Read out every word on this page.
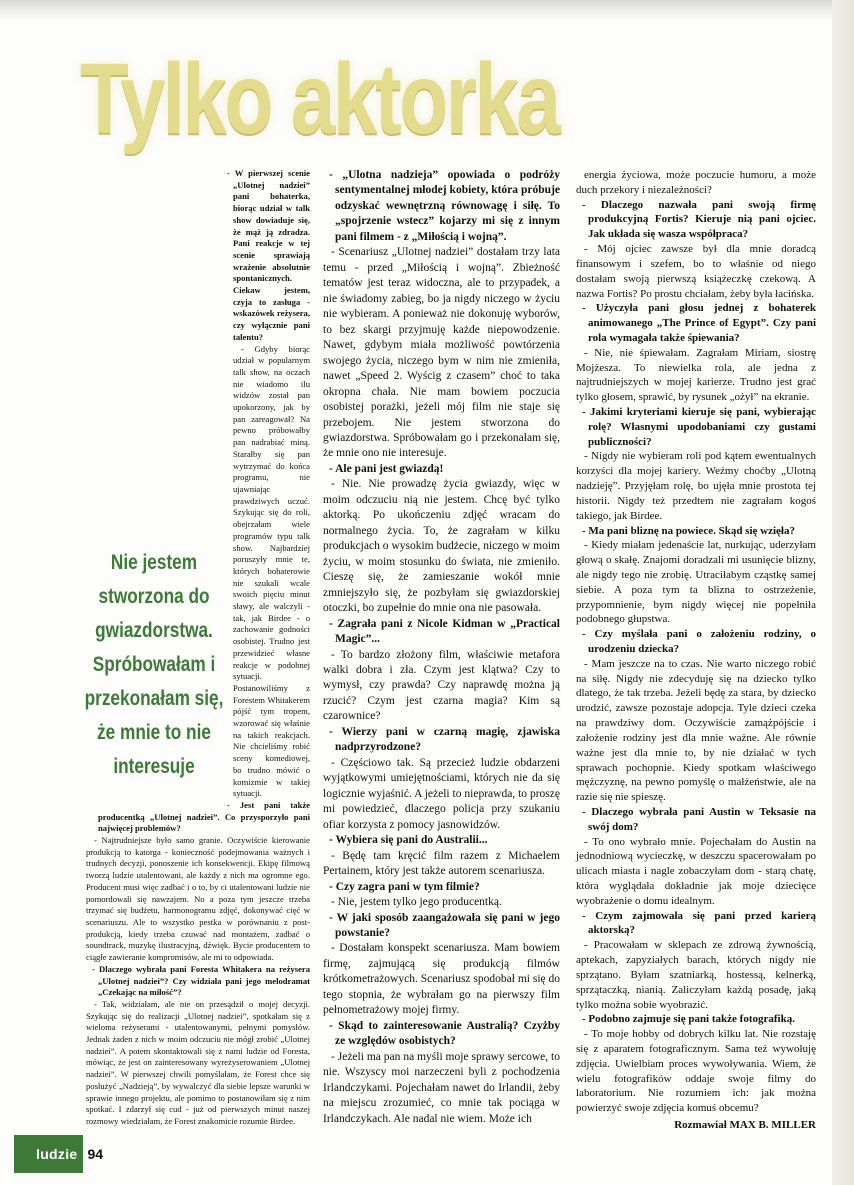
Tylko aktorka
Nie jestem stworzona do gwiazdorstwa. Spróbowałam i przekonałam się, że mnie to nie interesuje

- W pierwszej scenie „Ulotnej nadziei” pani bohaterka, biorąc udział w talk show dowiaduje się, że mąż ją zdradza. Pani reakcje w tej scenie sprawiają wrażenie absolutnie spontanicznych. Ciekaw jestem, czyja to zasługa - wskazówek reżysera, czy wyłącznie pani talentu?

- Gdyby biorąc udział w popularnym talk show, na oczach nie wiadomo ilu widzów został pan upokorzony, jak by pan zareagował? Na pewno próbowałby pan nadrabiać miną. Starałby się pan wytrzymać do końca programu, nie ujawniając prawdziwych uczuć. Szykując się do roli, obejrzałam wiele programów typu talk show. Najbardziej poruszyły mnie te, których bohaterowie nie szukali wcale swoich pięciu minut sławy, ale walczyli - tak, jak Birdee - o zachowanie godności osobistej. Trudno jest przewidzieć własne reakcje w podobnej sytuacji. Postanowiliśmy z Forestem Whitakerem pójść tym tropem, wzorować się właśnie na takich reakcjach. Nie chcieliśmy robić sceny komediowej, bo trudno mówić o komizmie w takiej sytuacji.

- Jest pani także producentką „Ulotnej nadziei”. Co przysporzyło pani najwięcej problemów?

- Najtrudniejsze było samo granie. Oczywiście kierowanie produkcją to katorga - konieczność podejmowania ważnych i trudnych decyzji, ponoszenie ich konsekwencji. Ekipę filmową tworzą ludzie utalentowani, ale każdy z nich ma ogromne ego. Producent musi więc zadbać i o to, by ci utalentowani ludzie nie pomordowali się nawzajem. No a poza tym jeszcze trzeba trzymać się budżetu, harmonogramu zdjęć, dokonywać cięć w scenariuszu. Ale to wszystko pestka w porównaniu z post-produkcją, kiedy trzeba czuwać nad montażem, zadbać o soundtrack, muzykę ilustracyjną, dźwięk. Bycie producentem to ciągłe zawieranie kompromisów, ale mi to odpowiada.

- Dlaczego wybrała pani Foresta Whitakera na reżysera „Ulotnej nadziei”? Czy widziała pani jego melodramat „Czekając na miłość”?

- Tak, widziałam, ale nie on przesądził o mojej decyzji. Szykując się do realizacji „Ulotnej nadziei”, spotkałam się z wieloma reżyserami - utalentowanymi, pełnymi pomysłów. Jednak żaden z nich w moim odczuciu nie mógł zrobić „Ulotnej nadziei”. A potem skontaktowali się z nami ludzie od Foresta, mówiąc, że jest on zainteresowany wyreżyserowaniem „Ulotnej nadziei”. W pierwszej chwili pomyślałam, że Forest chce się posłużyć „Nadzieją”, by wywalczyć dla siebie lepsze warunki w sprawie innego projektu, ale pomimo to postanowiłam się z nim spotkać. I zdarzył się cud - już od pierwszych minut naszej rozmowy wiedziałam, że Forest znakomicie rozumie Birdee.

- „Ulotna nadzieja” opowiada o podróży sentymentalnej młodej kobiety, która próbuje odzyskać wewnętrzną równowagę i siłę. To „spojrzenie wstecz” kojarzy mi się z innym pani filmem - z „Miłością i wojną”.

- Scenariusz „Ulotnej nadziei” dostałam trzy lata temu - przed „Miłością i wojną”. Zbieżność tematów jest teraz widoczna, ale to przypadek, a nie świadomy zabieg, bo ja nigdy niczego w życiu nie wybieram. A ponieważ nie dokonuję wyborów, to bez skargi przyjmuję każde niepowodzenie. Nawet, gdybym miała możliwość powtórzenia swojego życia, niczego bym w nim nie zmieniła, nawet „Speed 2. Wyścig z czasem” choć to taka okropna chała. Nie mam bowiem poczucia osobistej porażki, jeżeli mój film nie staje się przebojem. Nie jestem stworzona do gwiazdorstwa. Spróbowałam go i przekonałam się, że mnie ono nie interesuje.

- Ale pani jest gwiazdą!

- Nie. Nie prowadzę życia gwiazdy, więc w moim odczuciu nią nie jestem. Chcę być tylko aktorką. Po ukończeniu zdjęć wracam do normalnego życia. To, że zagrałam w kilku produkcjach o wysokim budżecie, niczego w moim życiu, w moim stosunku do świata, nie zmieniło. Cieszę się, że zamieszanie wokół mnie zmniejszyło się, że pozbyłam się gwiazdorskiej otoczki, bo zupełnie do mnie ona nie pasowała.

- Zagrała pani z Nicole Kidman w „Practical Magic”...

- To bardzo złożony film, właściwie metafora walki dobra i zła. Czym jest klątwa? Czy to wymysł, czy prawda? Czy naprawdę można ją rzucić? Czym jest czarna magia? Kim są czarownice?

- Wierzy pani w czarną magię, zjawiska nadprzyrodzone?

- Częściowo tak. Są przecież ludzie obdarzeni wyjątkowymi umiejętnościami, których nie da się logicznie wyjaśnić. A jeżeli to nieprawda, to proszę mi powiedzieć, dlaczego policja przy szukaniu ofiar korzysta z pomocy jasnowidzów.

- Wybiera się pani do Australii...

- Będę tam kręcić film razem z Michaelem Pertainem, który jest także autorem scenariusza.

- Czy zagra pani w tym filmie?

- Nie, jestem tylko jego producentką.

- W jaki sposób zaangażowała się pani w jego powstanie?

- Dostałam konspekt scenariusza. Mam bowiem firmę, zajmującą się produkcją filmów krótkometrażowych. Scenariusz spodobał mi się do tego stopnia, że wybrałam go na pierwszy film pełnometrażowy mojej firmy.

- Skąd to zainteresowanie Australią? Czyżby ze względów osobistych?

- Jeżeli ma pan na myśli moje sprawy sercowe, to nie. Wszyscy moi narzeczeni byli z pochodzenia Irlandczykami. Pojechałam nawet do Irlandii, żeby na miejscu zrozumieć, co mnie tak pociąga w Irlandczykach. Ale nadal nie wiem. Może ich

energia życiowa, może poczucie humoru, a może duch przekory i niezależności?

- Dlaczego nazwała pani swoją firmę produkcyjną Fortis? Kieruje nią pani ojciec. Jak układa się wasza współpraca?

- Mój ojciec zawsze był dla mnie doradcą finansowym i szefem, bo to właśnie od niego dostałam swoją pierwszą książeczkę czekową. A nazwa Fortis? Po prostu chciałam, żeby była łacińska.

- Użyczyła pani głosu jednej z bohaterek animowanego „The Prince of Egypt”. Czy pani rola wymagała także śpiewania?

- Nie, nie śpiewałam. Zagrałam Miriam, siostrę Mojżesza. To niewielka rola, ale jedna z najtrudniejszych w mojej karierze. Trudno jest grać tylko głosem, sprawić, by rysunek „ożył” na ekranie.

- Jakimi kryteriami kieruje się pani, wybierając rolę? Własnymi upodobaniami czy gustami publiczności?

- Nigdy nie wybieram roli pod kątem ewentualnych korzyści dla mojej kariery. Weźmy choćby „Ulotną nadzieję”. Przyjęłam rolę, bo ujęła mnie prostota tej historii. Nigdy też przedtem nie zagrałam kogoś takiego, jak Birdee.

- Ma pani bliznę na powiece. Skąd się wzięła?

- Kiedy miałam jedenaście lat, nurkując, uderzyłam głową o skałę. Znajomi doradzali mi usunięcie blizny, ale nigdy tego nie zrobię. Utraciłabym cząstkę samej siebie. A poza tym ta blizna to ostrzeżenie, przypomnienie, bym nigdy więcej nie popełniła podobnego głupstwa.

- Czy myślała pani o założeniu rodziny, o urodzeniu dziecka?

- Mam jeszcze na to czas. Nie warto niczego robić na siłę. Nigdy nie zdecyduję się na dziecko tylko dlatego, że tak trzeba. Jeżeli będę za stara, by dziecko urodzić, zawsze pozostaje adopcja. Tyle dzieci czeka na prawdziwy dom. Oczywiście zamążpójście i założenie rodziny jest dla mnie ważne. Ale równie ważne jest dla mnie to, by nie działać w tych sprawach pochopnie. Kiedy spotkam właściwego mężczyznę, na pewno pomyślę o małżeństwie, ale na razie się nie spieszę.

- Dlaczego wybrała pani Austin w Teksasie na swój dom?

- To ono wybrało mnie. Pojechałam do Austin na jednodniową wycieczkę, w deszczu spacerowałam po ulicach miasta i nagle zobaczyłam dom - starą chatę, która wyglądała dokładnie jak moje dziecięce wyobrażenie o domu idealnym.

- Czym zajmowała się pani przed karierą aktorską?

- Pracowałam w sklepach ze zdrową żywnością, aptekach, zapyziałych barach, których nigdy nie sprzątano. Byłam szatniarką, hostessą, kelnerką, sprzątaczką, nianią. Zaliczyłam każdą posadę, jaką tylko można sobie wyobrazić.

- Podobno zajmuje się pani także fotografiką.

- To moje hobby od dobrych kilku lat. Nie rozstaję się z aparatem fotograficznym. Sama też wywołuję zdjęcia. Uwielbiam proces wywoływania. Wiem, że wielu fotografików oddaje swoje filmy do laboratorium. Nie rozumiem ich: jak można powierzyć swoje zdjęcia komuś obcemu?

Rozmawiał MAX B. MILLER

ludzie 94
